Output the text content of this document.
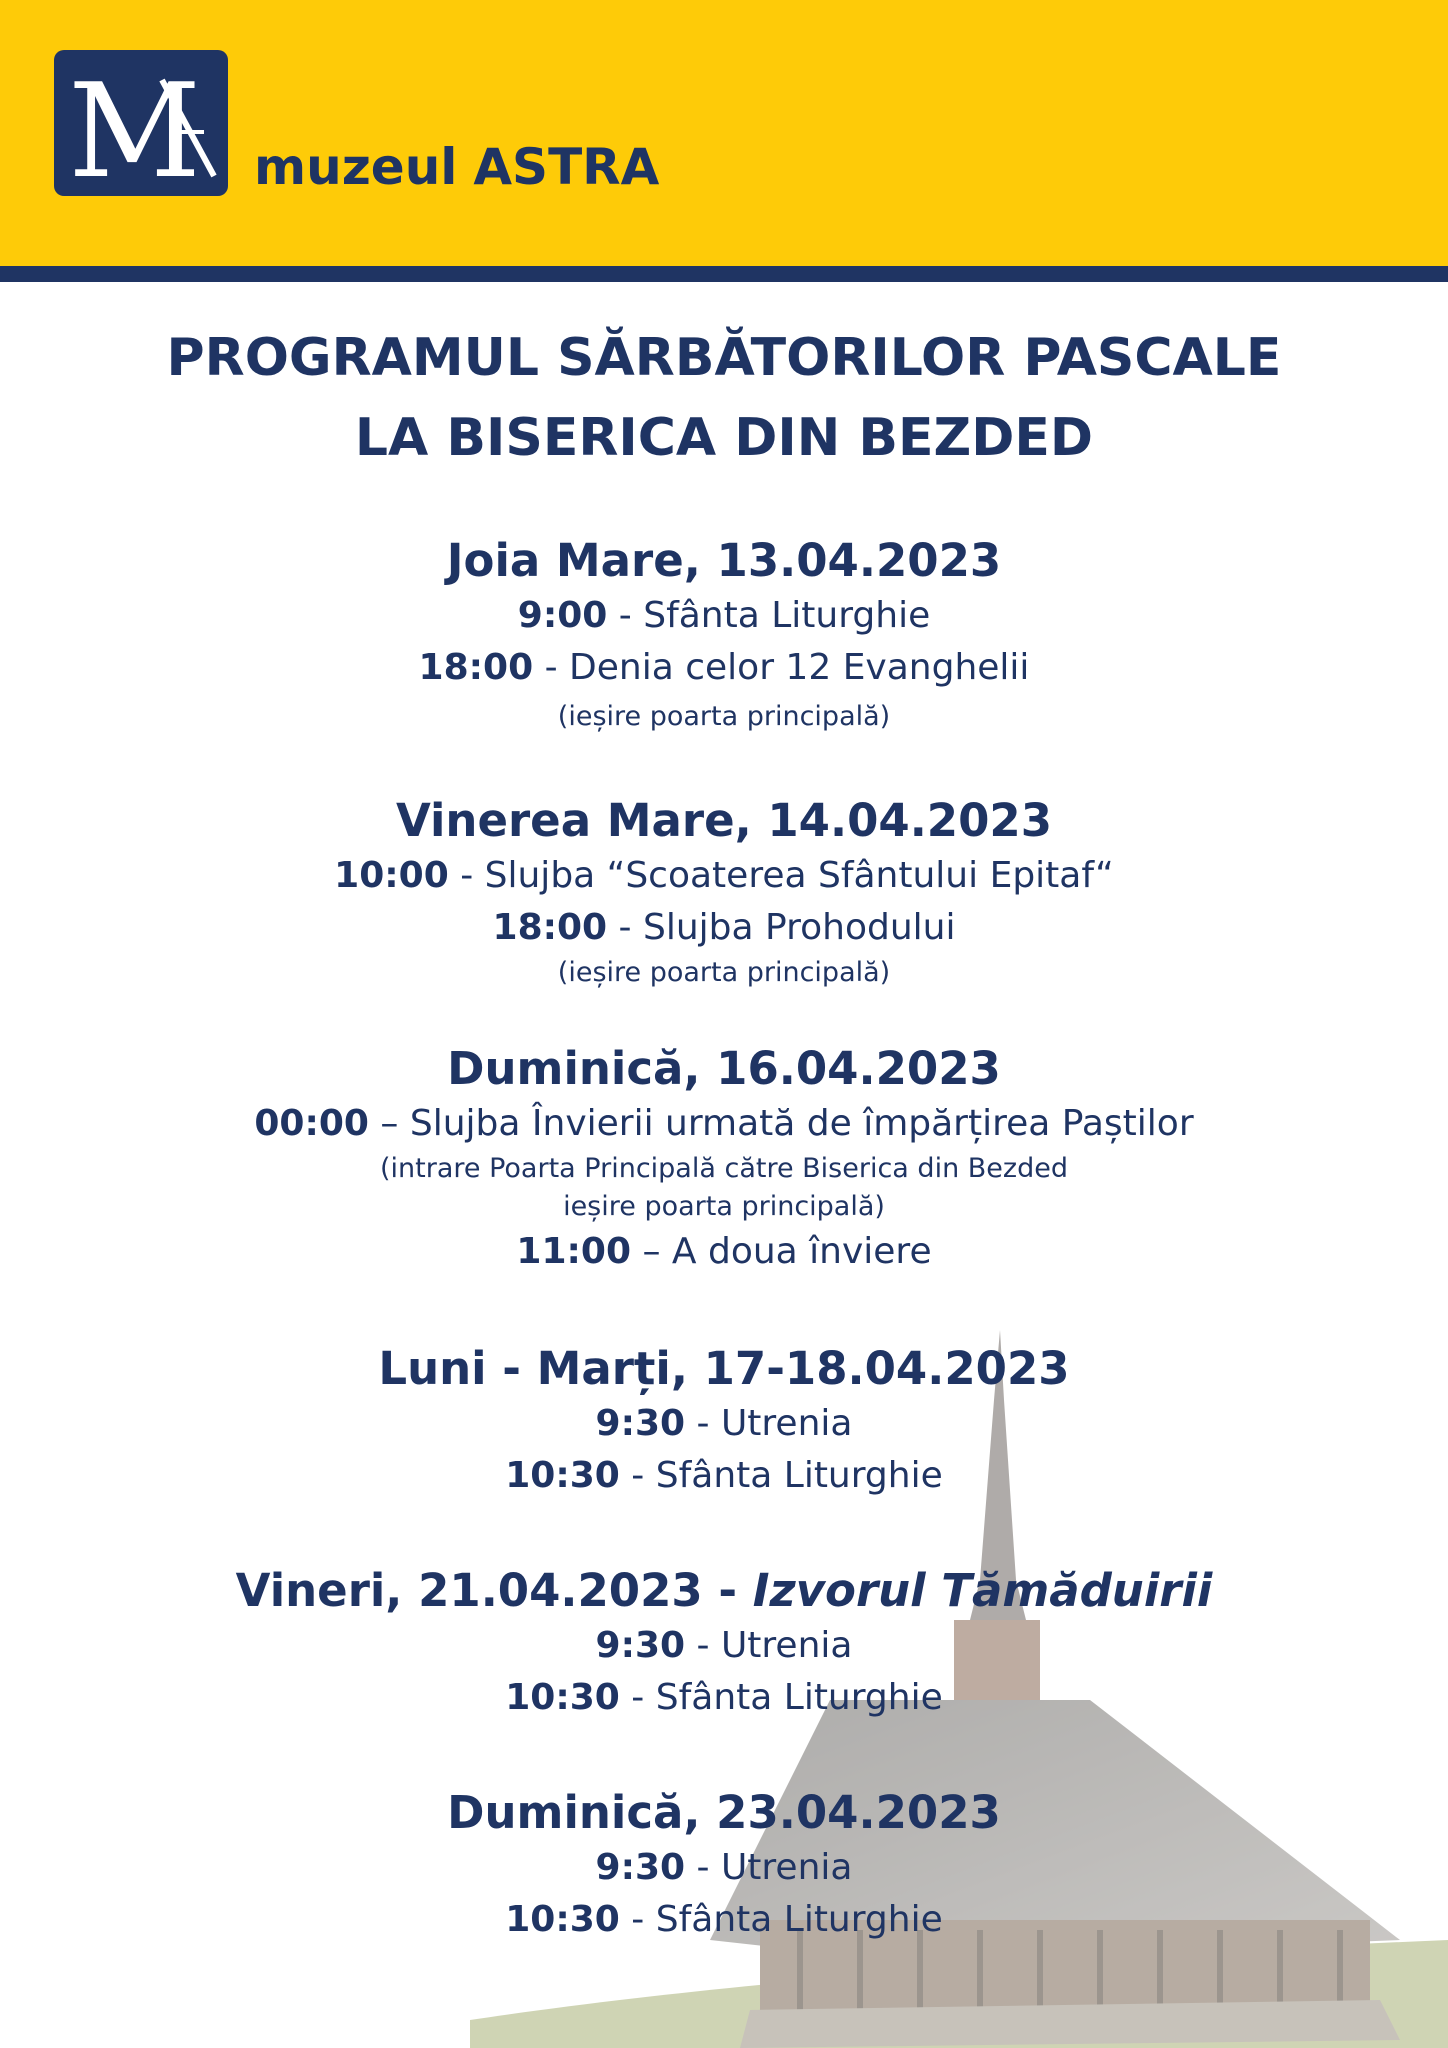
M muzeul ASTRA
PROGRAMUL SĂRBĂTORILOR PASCALE
LA BISERICA DIN BEZDED
Joia Mare, 13.04.2023
9:00 - Sfânta Liturghie
18:00 - Denia celor 12 Evanghelii
(ieșire poarta principală)
Vinerea Mare, 14.04.2023
10:00 - Slujba “Scoaterea Sfântului Epitaf“
18:00 - Slujba Prohodului
(ieșire poarta principală)
Duminică, 16.04.2023
00:00 – Slujba Învierii urmată de împărțirea Paștilor
(intrare Poarta Principală către Biserica din Bezded
ieșire poarta principală)
11:00 – A doua înviere
Luni - Marți, 17-18.04.2023
9:30 - Utrenia
10:30 - Sfânta Liturghie
Vineri, 21.04.2023 - Izvorul Tămăduirii
9:30 - Utrenia
10:30 - Sfânta Liturghie
Duminică, 23.04.2023
9:30 - Utrenia
10:30 - Sfânta Liturghie
